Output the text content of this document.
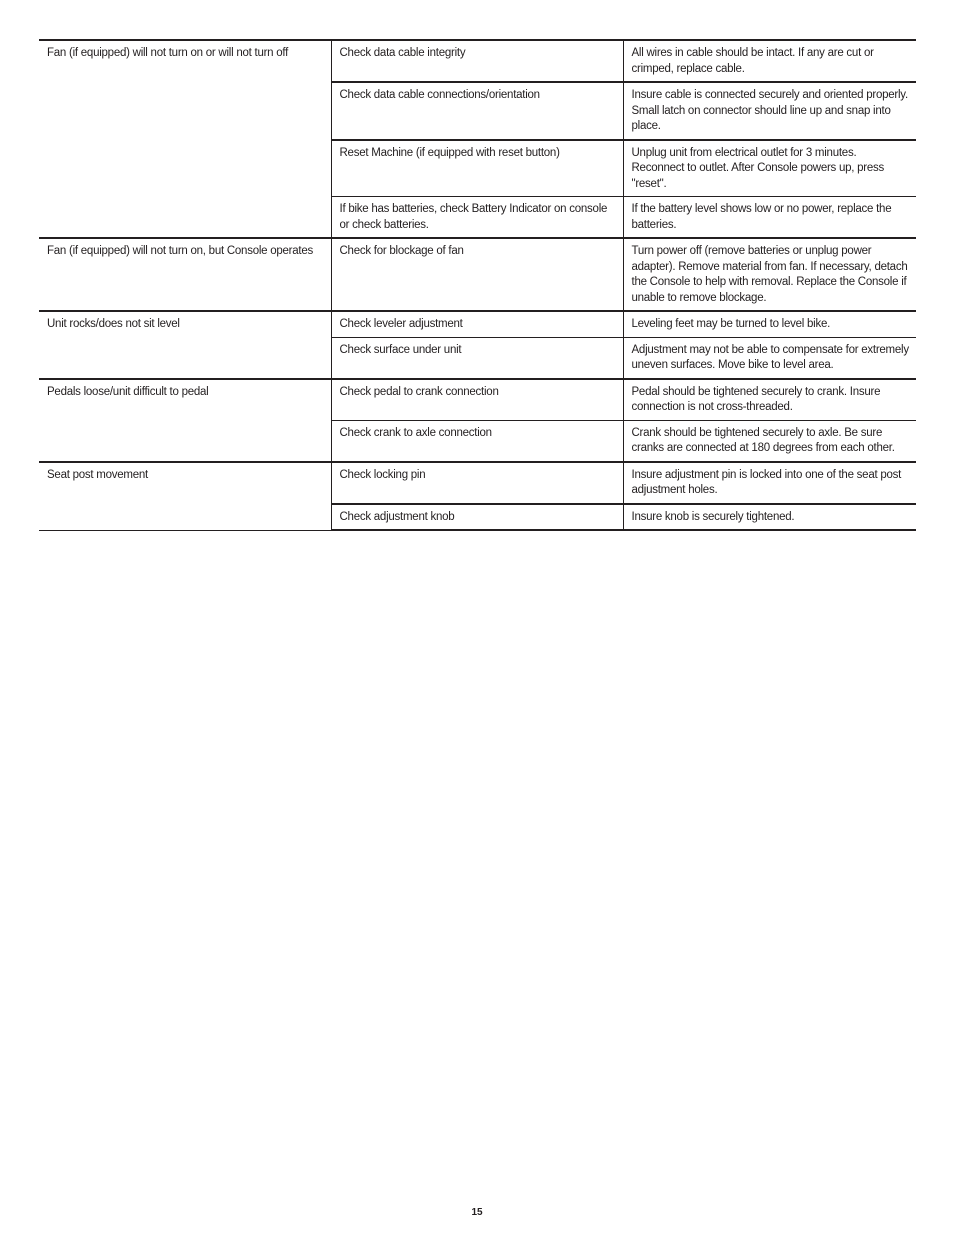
Fan (if equipped) will not turn on or will not turn off	Check data cable integrity	All wires in cable should be intact. If any are cut or crimped, replace cable.
	Check data cable connections/orientation	Insure cable is connected securely and oriented properly. Small latch on connector should line up and snap into place.
	Reset Machine (if equipped with reset button)	Unplug unit from electrical outlet for 3 minutes. Reconnect to outlet. After Console powers up, press "reset".
	If bike has batteries, check Battery Indicator on console or check batteries.	If the battery level shows low or no power, replace the batteries.
Fan (if equipped) will not turn on, but Console operates	Check for blockage of fan	Turn power off (remove batteries or unplug power adapter). Remove material from fan. If necessary, detach the Console to help with removal. Replace the Console if unable to remove blockage.
Unit rocks/does not sit level	Check leveler adjustment	Leveling feet may be turned to level bike.
	Check surface under unit	Adjustment may not be able to compensate for extremely uneven surfaces. Move bike to level area.
Pedals loose/unit difficult to pedal	Check pedal to crank connection	Pedal should be tightened securely to crank. Insure connection is not cross-threaded.
	Check crank to axle connection	Crank should be tightened securely to axle. Be sure cranks are connected at 180 degrees from each other.
Seat post movement	Check locking pin	Insure adjustment pin is locked into one of the seat post adjustment holes.
	Check adjustment knob	Insure knob is securely tightened.
15
